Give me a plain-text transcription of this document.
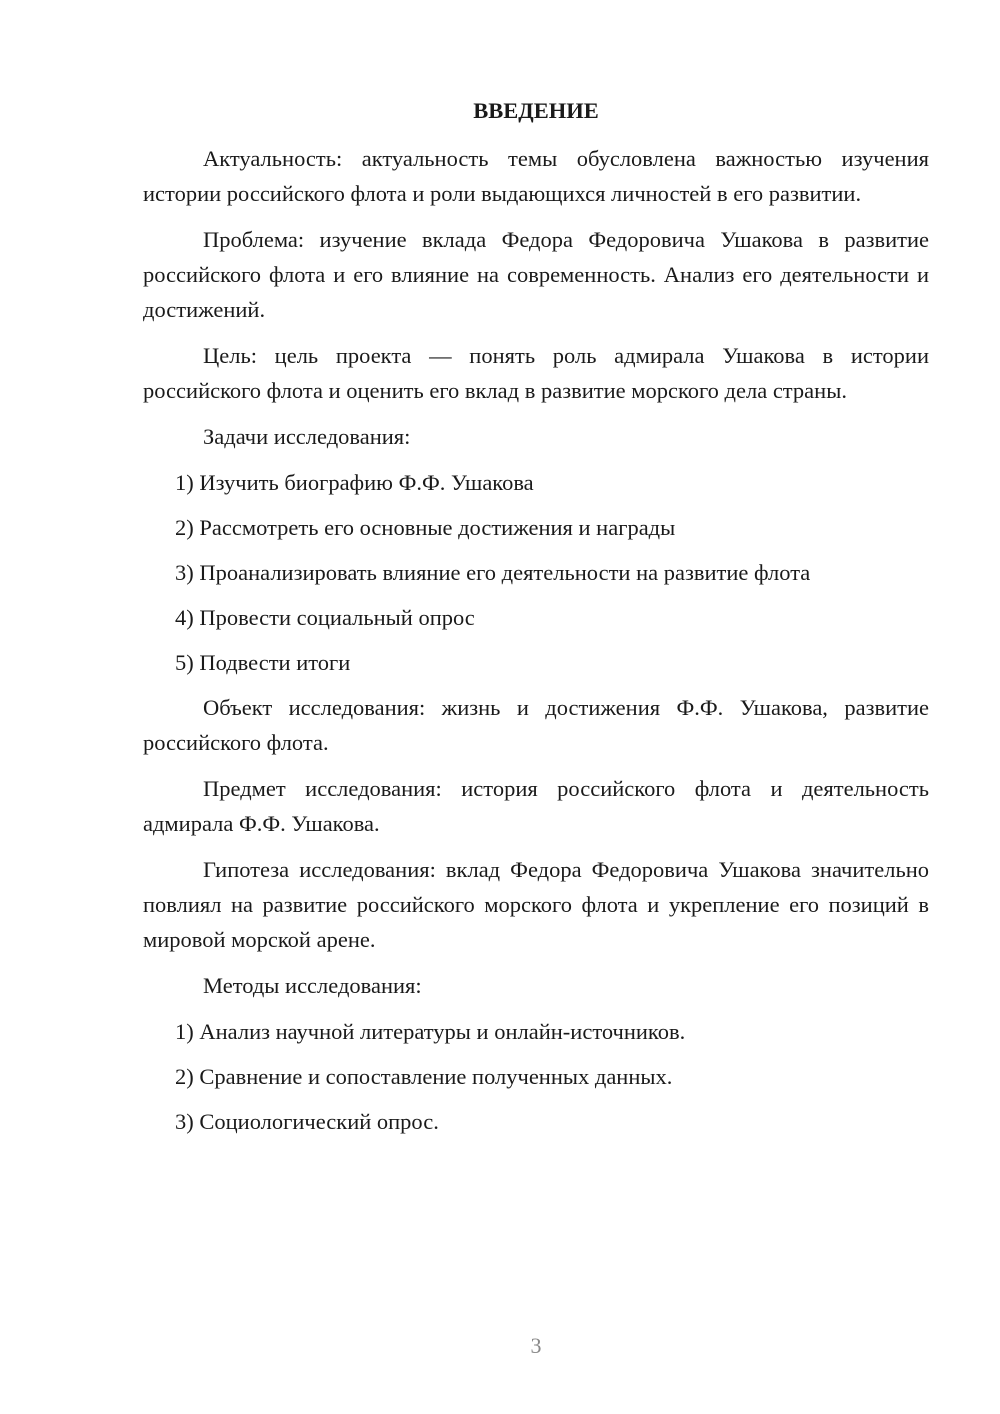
ВВЕДЕНИЕ

Актуальность: актуальность темы обусловлена важностью изучения истории российского флота и роли выдающихся личностей в его развитии.

Проблема: изучение вклада Федора Федоровича Ушакова в развитие российского флота и его влияние на современность. Анализ его деятельности и достижений.

Цель: цель проекта — понять роль адмирала Ушакова в истории российского флота и оценить его вклад в развитие морского дела страны.

Задачи исследования:

1) Изучить биографию Ф.Ф. Ушакова

2) Рассмотреть его основные достижения и награды

3) Проанализировать влияние его деятельности на развитие флота

4) Провести социальный опрос

5) Подвести итоги

Объект исследования: жизнь и достижения Ф.Ф. Ушакова, развитие российского флота.

Предмет исследования: история российского флота и деятельность адмирала Ф.Ф. Ушакова.

Гипотеза исследования: вклад Федора Федоровича Ушакова значительно повлиял на развитие российского морского флота и укрепление его позиций в мировой морской арене.

Методы исследования:

1) Анализ научной литературы и онлайн-источников.

2) Сравнение и сопоставление полученных данных.

3) Социологический опрос.

3
